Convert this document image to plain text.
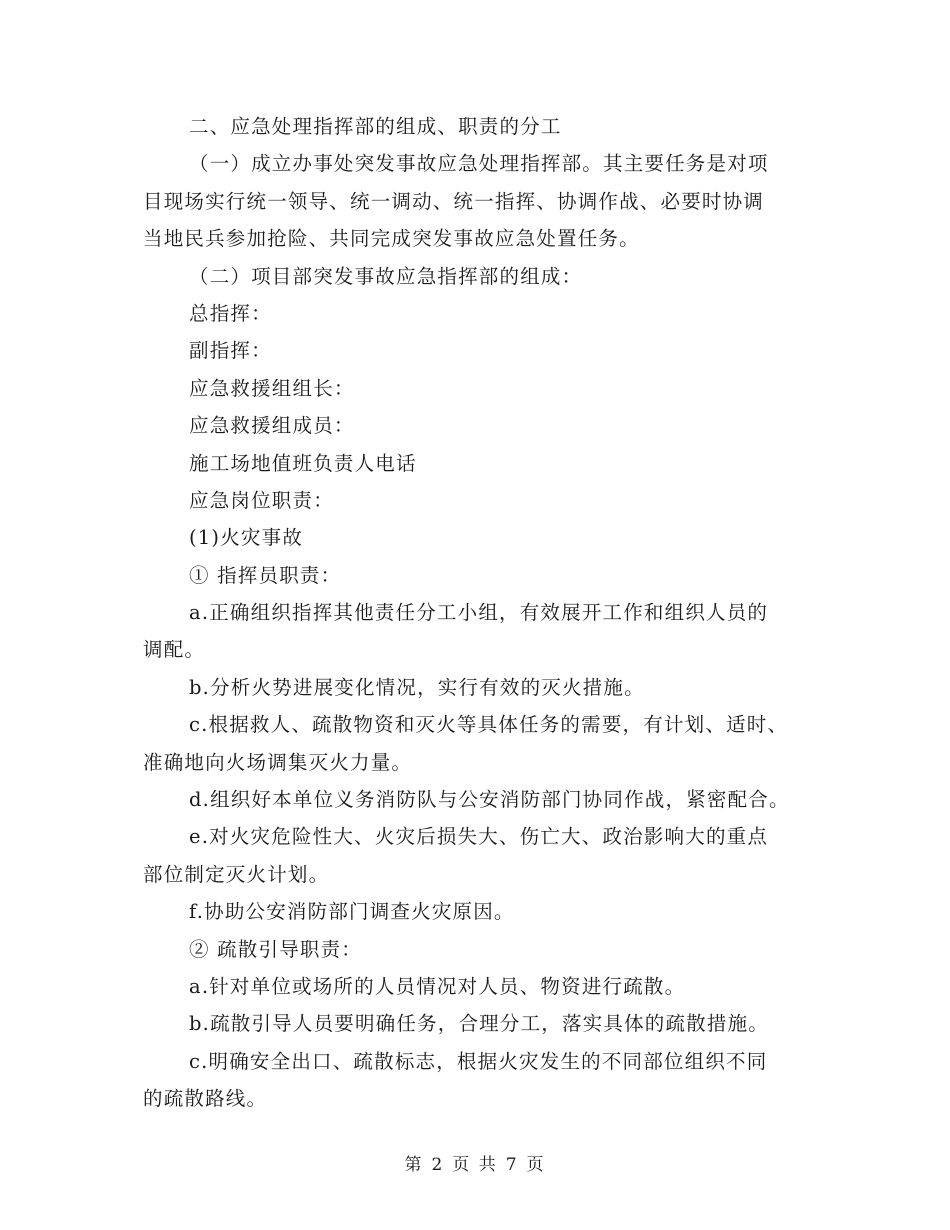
二、应急处理指挥部的组成、职责的分工
（一）成立办事处突发事故应急处理指挥部。其主要任务是对项
目现场实行统一领导、统一调动、统一指挥、协调作战、必要时协调
当地民兵参加抢险、共同完成突发事故应急处置任务。
（二）项目部突发事故应急指挥部的组成：
总指挥：
副指挥：
应急救援组组长：
应急救援组成员：
施工场地值班负责人电话
应急岗位职责：
(1)火灾事故
① 指挥员职责：
a.正确组织指挥其他责任分工小组，有效展开工作和组织人员的
调配。
b.分析火势进展变化情况，实行有效的灭火措施。
c.根据救人、疏散物资和灭火等具体任务的需要，有计划、适时、
准确地向火场调集灭火力量。
d.组织好本单位义务消防队与公安消防部门协同作战，紧密配合。
e.对火灾危险性大、火灾后损失大、伤亡大、政治影响大的重点
部位制定灭火计划。
f.协助公安消防部门调查火灾原因。
② 疏散引导职责：
a.针对单位或场所的人员情况对人员、物资进行疏散。
b.疏散引导人员要明确任务，合理分工，落实具体的疏散措施。
c.明确安全出口、疏散标志，根据火灾发生的不同部位组织不同
的疏散路线。
第 2 页 共 7 页
